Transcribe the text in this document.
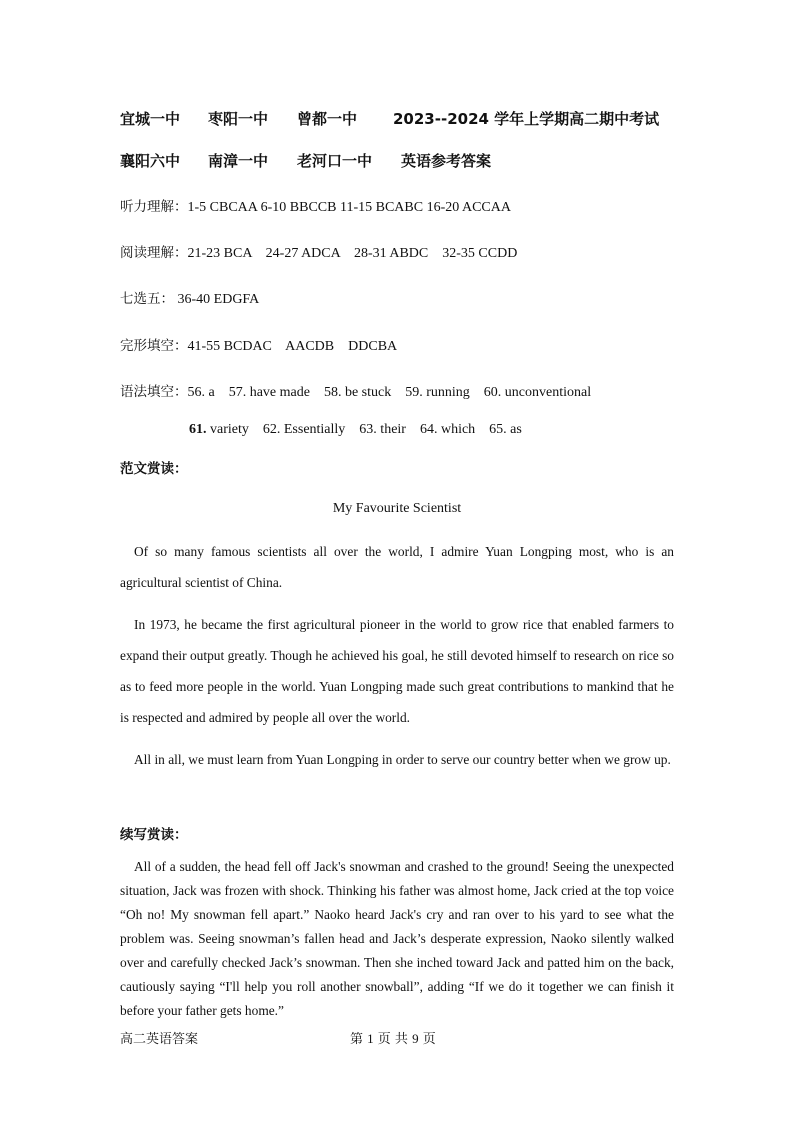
宜城一中 枣阳一中 曾都一中 2023--2024 学年上学期高二期中考试
襄阳六中 南漳一中 老河口一中 英语参考答案
听力理解：1-5 CBCAA 6-10 BBCCB 11-15 BCABC 16-20 ACCAA
阅读理解：21-23 BCA    24-27 ADCA    28-31 ABDC    32-35 CCDD
七选五： 36-40 EDGFA
完形填空：41-55 BCDAC    AACDB    DDCBA
语法填空：56. a    57. have made    58. be stuck    59. running    60. unconventional
61. variety    62. Essentially    63. their    64. which    65. as
范文赏读：
My Favourite Scientist

Of so many famous scientists all over the world, I admire Yuan Longping most, who is an agricultural scientist of China.

In 1973, he became the first agricultural pioneer in the world to grow rice that enabled farmers to expand their output greatly. Though he achieved his goal, he still devoted himself to research on rice so as to feed more people in the world. Yuan Longping made such great contributions to mankind that he is respected and admired by people all over the world.

All in all, we must learn from Yuan Longping in order to serve our country better when we grow up.

续写赏读：

All of a sudden, the head fell off Jack's snowman and crashed to the ground! Seeing the unexpected situation, Jack was frozen with shock. Thinking his father was almost home, Jack cried at the top voice “Oh no! My snowman fell apart.” Naoko heard Jack's cry and ran over to his yard to see what the problem was. Seeing snowman’s fallen head and Jack’s desperate expression, Naoko silently walked over and carefully checked Jack’s snowman. Then she inched toward Jack and patted him on the back, cautiously saying “I'll help you roll another snowball”, adding “If we do it together we can finish it before your father gets home.”

高二英语答案	第 1 页 共 9 页
